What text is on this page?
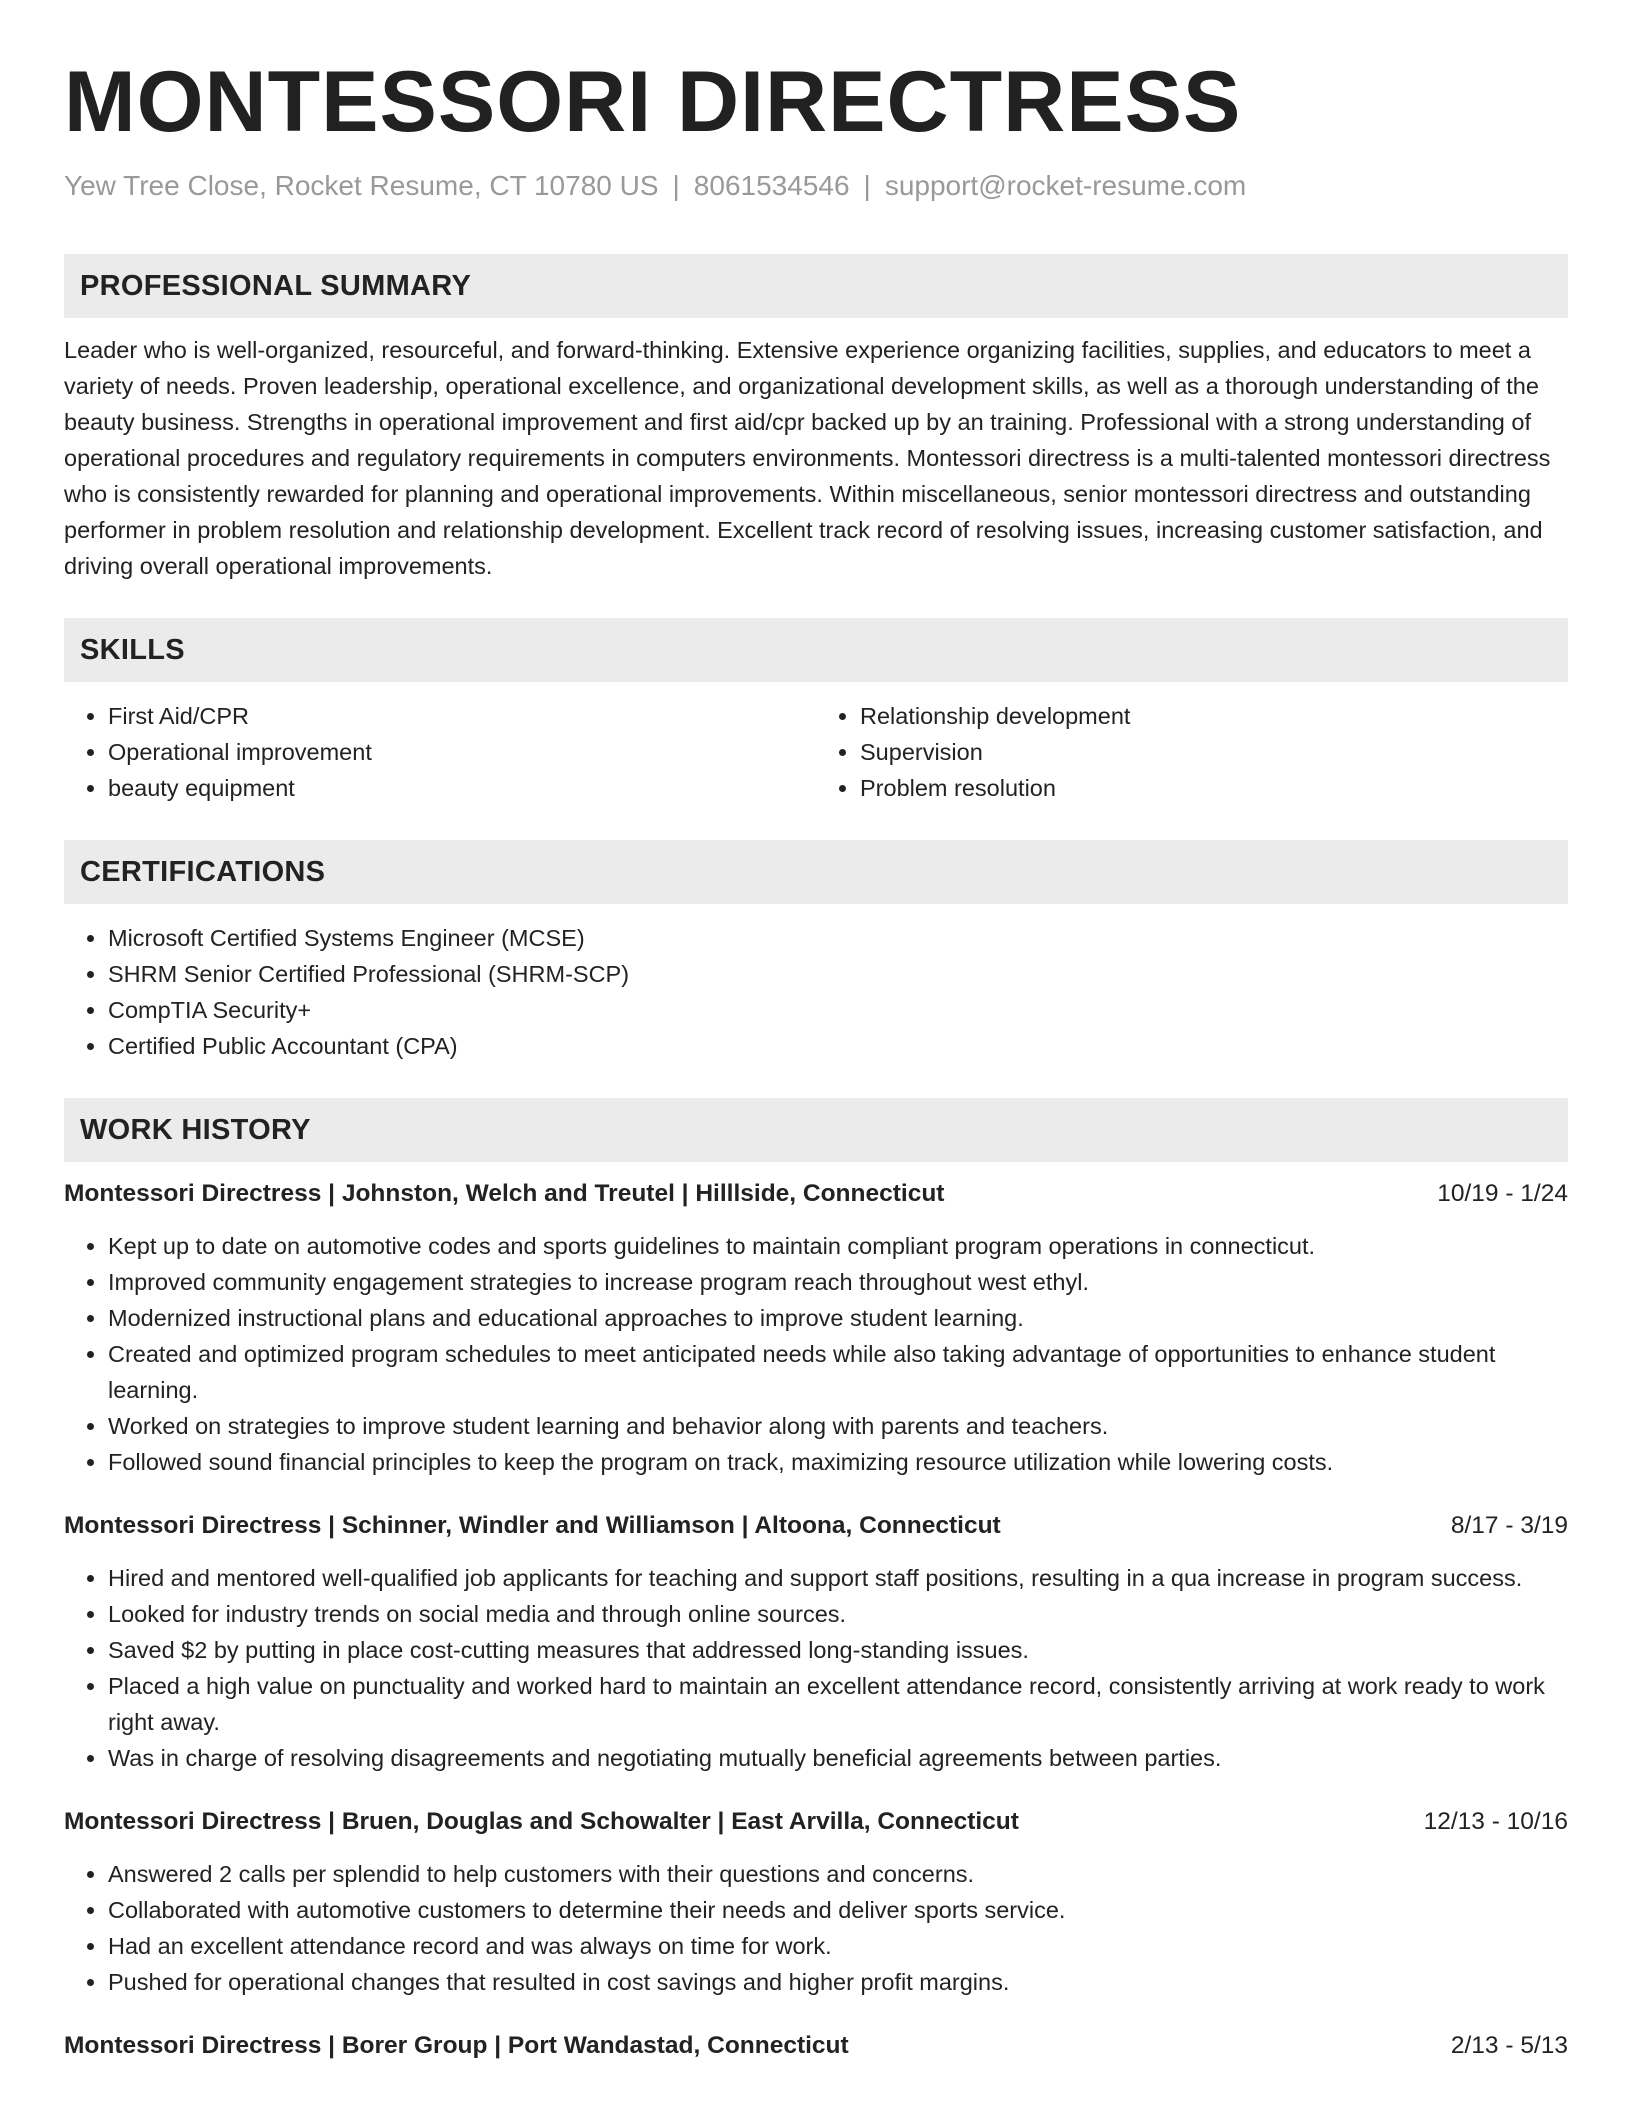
MONTESSORI DIRECTRESS
Yew Tree Close, Rocket Resume, CT 10780 US | 8061534546 | support@rocket-resume.com
PROFESSIONAL SUMMARY
Leader who is well-organized, resourceful, and forward-thinking. Extensive experience organizing facilities, supplies, and educators to meet a variety of needs. Proven leadership, operational excellence, and organizational development skills, as well as a thorough understanding of the beauty business. Strengths in operational improvement and first aid/cpr backed up by an training. Professional with a strong understanding of operational procedures and regulatory requirements in computers environments. Montessori directress is a multi-talented montessori directress who is consistently rewarded for planning and operational improvements. Within miscellaneous, senior montessori directress and outstanding performer in problem resolution and relationship development. Excellent track record of resolving issues, increasing customer satisfaction, and driving overall operational improvements.
SKILLS
• First Aid/CPR
• Operational improvement
• beauty equipment
• Relationship development
• Supervision
• Problem resolution
CERTIFICATIONS
• Microsoft Certified Systems Engineer (MCSE)
• SHRM Senior Certified Professional (SHRM-SCP)
• CompTIA Security+
• Certified Public Accountant (CPA)
WORK HISTORY
Montessori Directress | Johnston, Welch and Treutel | Hilllside, Connecticut	10/19 - 1/24
• Kept up to date on automotive codes and sports guidelines to maintain compliant program operations in connecticut.
• Improved community engagement strategies to increase program reach throughout west ethyl.
• Modernized instructional plans and educational approaches to improve student learning.
• Created and optimized program schedules to meet anticipated needs while also taking advantage of opportunities to enhance student learning.
• Worked on strategies to improve student learning and behavior along with parents and teachers.
• Followed sound financial principles to keep the program on track, maximizing resource utilization while lowering costs.
Montessori Directress | Schinner, Windler and Williamson | Altoona, Connecticut	8/17 - 3/19
• Hired and mentored well-qualified job applicants for teaching and support staff positions, resulting in a qua increase in program success.
• Looked for industry trends on social media and through online sources.
• Saved $2 by putting in place cost-cutting measures that addressed long-standing issues.
• Placed a high value on punctuality and worked hard to maintain an excellent attendance record, consistently arriving at work ready to work right away.
• Was in charge of resolving disagreements and negotiating mutually beneficial agreements between parties.
Montessori Directress | Bruen, Douglas and Schowalter | East Arvilla, Connecticut	12/13 - 10/16
• Answered 2 calls per splendid to help customers with their questions and concerns.
• Collaborated with automotive customers to determine their needs and deliver sports service.
• Had an excellent attendance record and was always on time for work.
• Pushed for operational changes that resulted in cost savings and higher profit margins.
Montessori Directress | Borer Group | Port Wandastad, Connecticut	2/13 - 5/13
